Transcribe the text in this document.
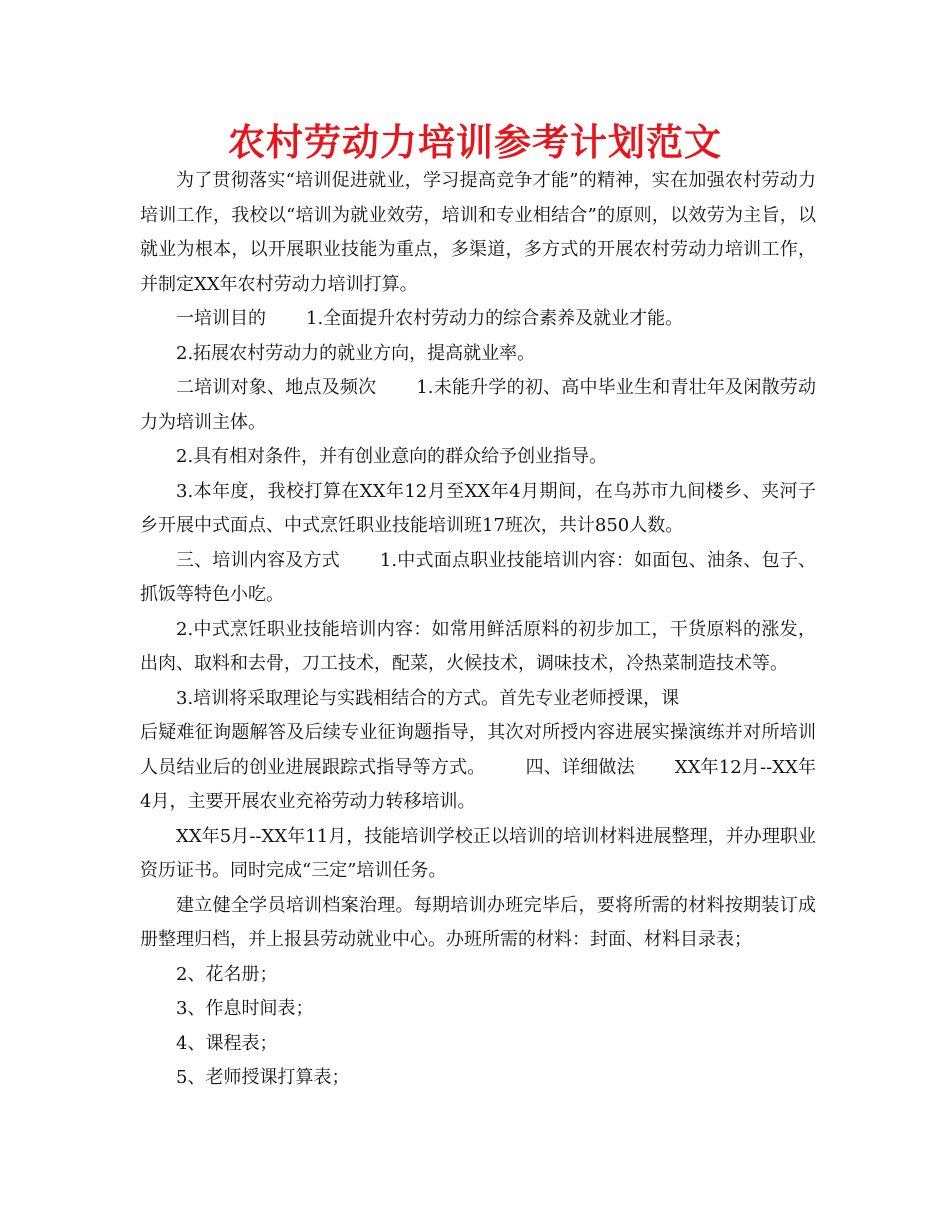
农村劳动力培训参考计划范文

为了贯彻落实“培训促进就业，学习提高竞争才能”的精神，实在加强农村劳动力培训工作，我校以“培训为就业效劳，培训和专业相结合”的原则，以效劳为主旨，以就业为根本，以开展职业技能为重点，多渠道，多方式的开展农村劳动力培训工作，并制定XX年农村劳动力培训打算。

一培训目的 1.全面提升农村劳动力的综合素养及就业才能。

2.拓展农村劳动力的就业方向，提高就业率。

二培训对象、地点及频次 1.未能升学的初、高中毕业生和青壮年及闲散劳动力为培训主体。

2.具有相对条件，并有创业意向的群众给予创业指导。

3.本年度，我校打算在XX年12月至XX年4月期间，在乌苏市九间楼乡、夹河子乡开展中式面点、中式烹饪职业技能培训班17班次，共计850人数。

三、培训内容及方式 1.中式面点职业技能培训内容：如面包、油条、包子、抓饭等特色小吃。

2.中式烹饪职业技能培训内容：如常用鲜活原料的初步加工，干货原料的涨发，出肉、取料和去骨，刀工技术，配菜，火候技术，调味技术，冷热菜制造技术等。

3.培训将采取理论与实践相结合的方式。首先专业老师授课，课

后疑难征询题解答及后续专业征询题指导，其次对所授内容进展实操演练并对所培训人员结业后的创业进展跟踪式指导等方式。 四、详细做法 XX年12月--XX年4月，主要开展农业充裕劳动力转移培训。

XX年5月--XX年11月，技能培训学校正以培训的培训材料进展整理，并办理职业资历证书。同时完成“三定”培训任务。

建立健全学员培训档案治理。每期培训办班完毕后，要将所需的材料按期装订成册整理归档，并上报县劳动就业中心。办班所需的材料：封面、材料目录表；

2、花名册；

3、作息时间表；

4、课程表；

5、老师授课打算表；
